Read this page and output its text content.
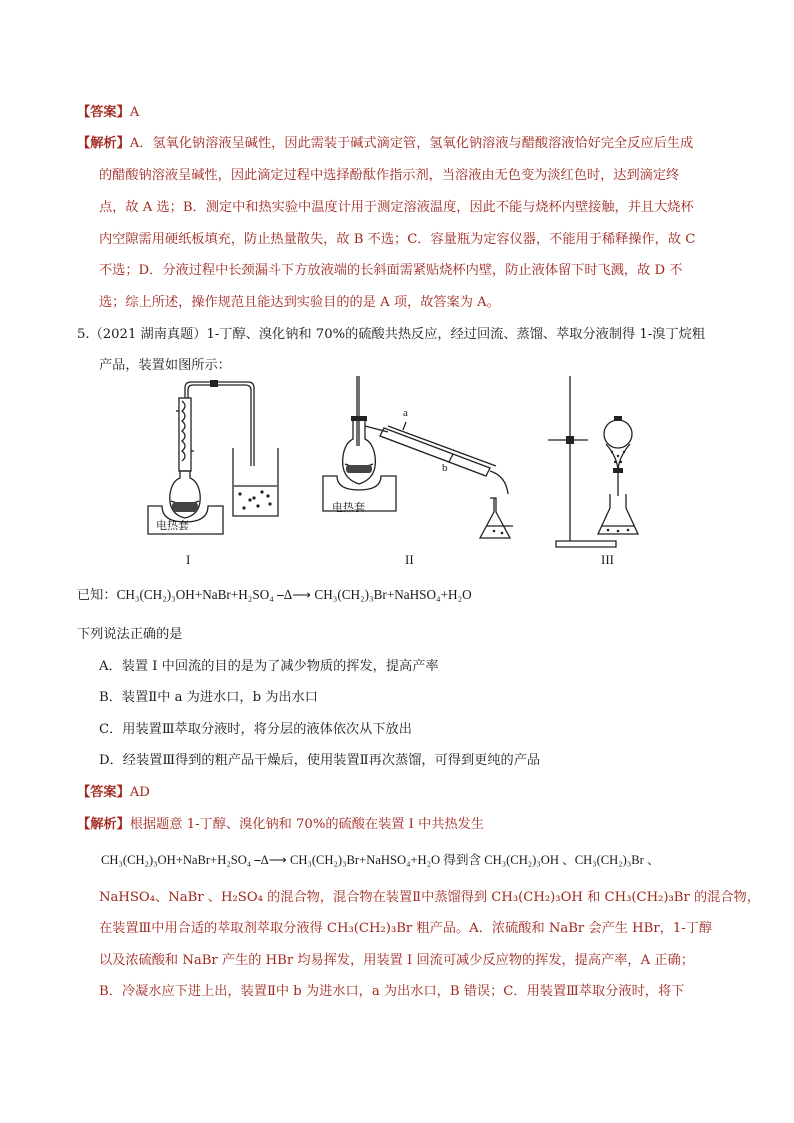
【答案】A
【解析】A．氢氧化钠溶液呈碱性，因此需装于碱式滴定管，氢氧化钠溶液与醋酸溶液恰好完全反应后生成
的醋酸钠溶液呈碱性，因此滴定过程中选择酚酞作指示剂，当溶液由无色变为淡红色时，达到滴定终
点，故 A 选；B．测定中和热实验中温度计用于测定溶液温度，因此不能与烧杯内壁接触，并且大烧杯
内空隙需用硬纸板填充，防止热量散失，故 B 不选；C．容量瓶为定容仪器，不能用于稀释操作，故 C
不选；D．分液过程中长颈漏斗下方放液端的长斜面需紧贴烧杯内壁，防止液体留下时飞溅，故 D 不
选；综上所述，操作规范且能达到实验目的的是 A 项，故答案为 A。
5.（2021 湖南真题）1-丁醇、溴化钠和 70%的硫酸共热反应，经过回流、蒸馏、萃取分液制得 1-溴丁烷粗
产品，装置如图所示：
电热套
电热套
a
b
I	II	III
已知：CH₃(CH₂)₃OH+NaBr+H₂SO₄ ⎯Δ⟶ CH₃(CH₂)₃Br+NaHSO₄+H₂O
下列说法正确的是
A．装置 I 中回流的目的是为了减少物质的挥发，提高产率
B．装置Ⅱ中 a 为进水口，b 为出水口
C．用装置Ⅲ萃取分液时，将分层的液体依次从下放出
D．经装置Ⅲ得到的粗产品干燥后，使用装置Ⅱ再次蒸馏，可得到更纯的产品
【答案】AD
【解析】根据题意 1-丁醇、溴化钠和 70%的硫酸在装置 I 中共热发生
CH₃(CH₂)₃OH+NaBr+H₂SO₄ ⎯Δ⟶ CH₃(CH₂)₃Br+NaHSO₄+H₂O 得到含 CH₃(CH₂)₃OH 、CH₃(CH₂)₃Br 、
NaHSO₄、NaBr 、H₂SO₄ 的混合物，混合物在装置Ⅱ中蒸馏得到 CH₃(CH₂)₃OH 和 CH₃(CH₂)₃Br 的混合物，
在装置Ⅲ中用合适的萃取剂萃取分液得 CH₃(CH₂)₃Br 粗产品。A．浓硫酸和 NaBr 会产生 HBr，1-丁醇
以及浓硫酸和 NaBr 产生的 HBr 均易挥发，用装置 I 回流可减少反应物的挥发，提高产率，A 正确；
B．冷凝水应下进上出，装置Ⅱ中 b 为进水口，a 为出水口，B 错误；C．用装置Ⅲ萃取分液时，将下
